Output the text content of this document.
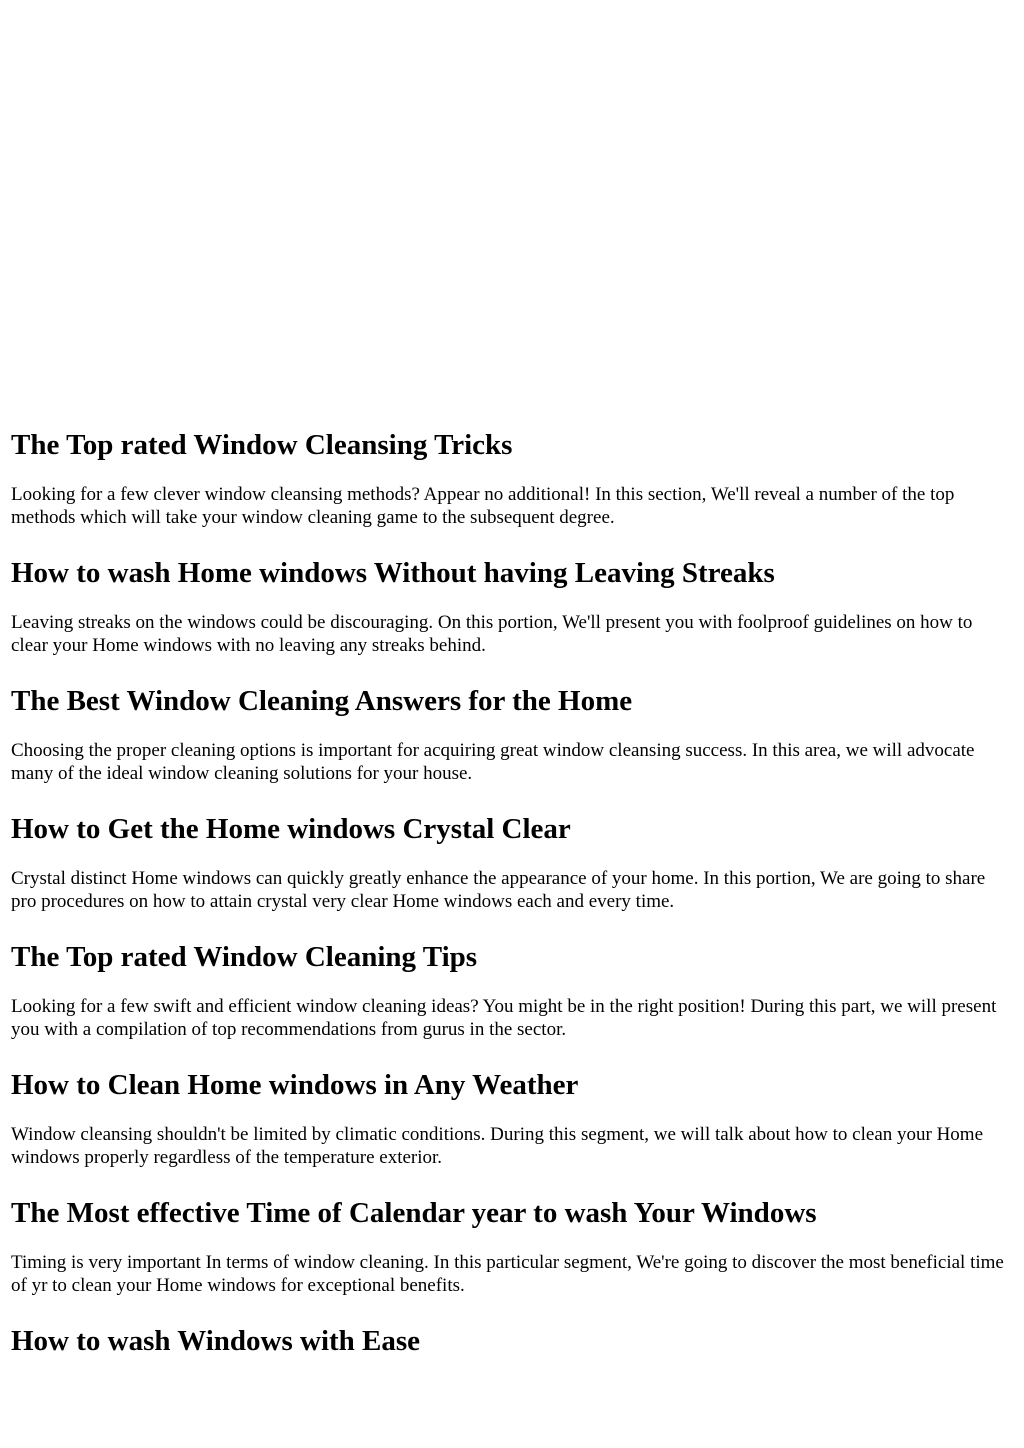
The Top rated Window Cleansing Tricks

Looking for a few clever window cleansing methods? Appear no additional! In this section, We'll reveal a number of the top methods which will take your window cleaning game to the subsequent degree.

How to wash Home windows Without having Leaving Streaks

Leaving streaks on the windows could be discouraging. On this portion, We'll present you with foolproof guidelines on how to clear your Home windows with no leaving any streaks behind.

The Best Window Cleaning Answers for the Home

Choosing the proper cleaning options is important for acquiring great window cleansing success. In this area, we will advocate many of the ideal window cleaning solutions for your house.

How to Get the Home windows Crystal Clear

Crystal distinct Home windows can quickly greatly enhance the appearance of your home. In this portion, We are going to share pro procedures on how to attain crystal very clear Home windows each and every time.

The Top rated Window Cleaning Tips

Looking for a few swift and efficient window cleaning ideas? You might be in the right position! During this part, we will present you with a compilation of top recommendations from gurus in the sector.

How to Clean Home windows in Any Weather

Window cleansing shouldn't be limited by climatic conditions. During this segment, we will talk about how to clean your Home windows properly regardless of the temperature exterior.

The Most effective Time of Calendar year to wash Your Windows

Timing is very important In terms of window cleaning. In this particular segment, We're going to discover the most beneficial time of yr to clean your Home windows for exceptional benefits.

How to wash Windows with Ease
